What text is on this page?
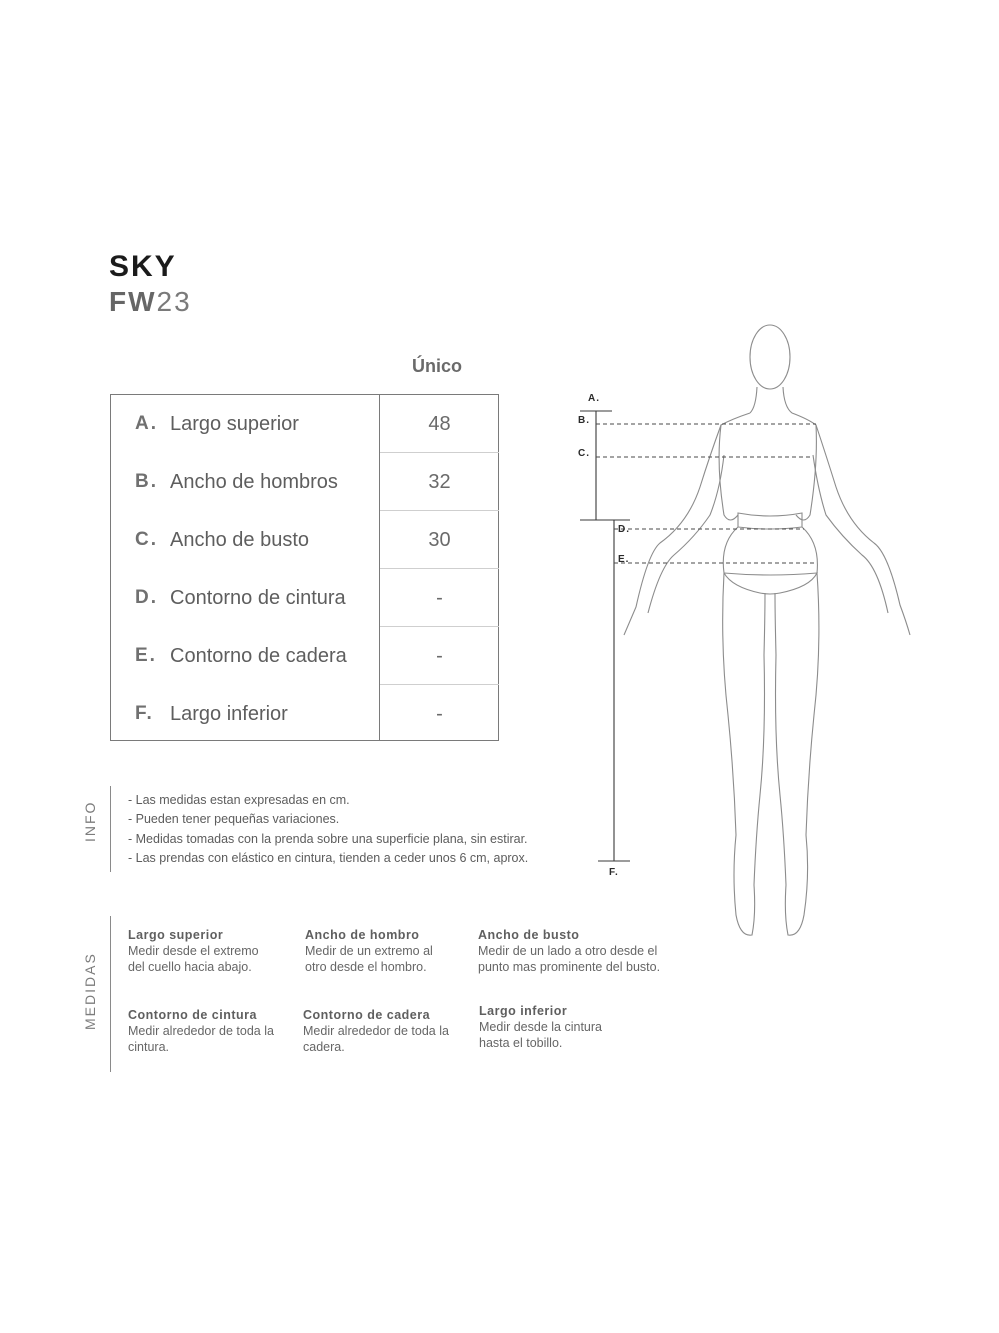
SKY
FW23
Único
A. Largo superior	48
B. Ancho de hombros	32
C. Ancho de busto	30
D. Contorno de cintura	-
E. Contorno de cadera	-
F. Largo inferior	-
INFO
- Las medidas estan expresadas en cm.
- Pueden tener pequeñas variaciones.
- Medidas tomadas con la prenda sobre una superficie plana, sin estirar.
- Las prendas con elástico en cintura, tienden a ceder unos 6 cm, aprox.
MEDIDAS
Largo superior
Medir desde el extremo del cuello hacia abajo.
Ancho de hombro
Medir de un extremo al otro desde el hombro.
Ancho de busto
Medir de un lado a otro desde el punto mas prominente del busto.
Contorno de cintura
Medir alrededor de toda la cintura.
Contorno de cadera
Medir alrededor de toda la cadera.
Largo inferior
Medir desde la cintura hasta el tobillo.
A.
B.
C.
D.
E.
F.
